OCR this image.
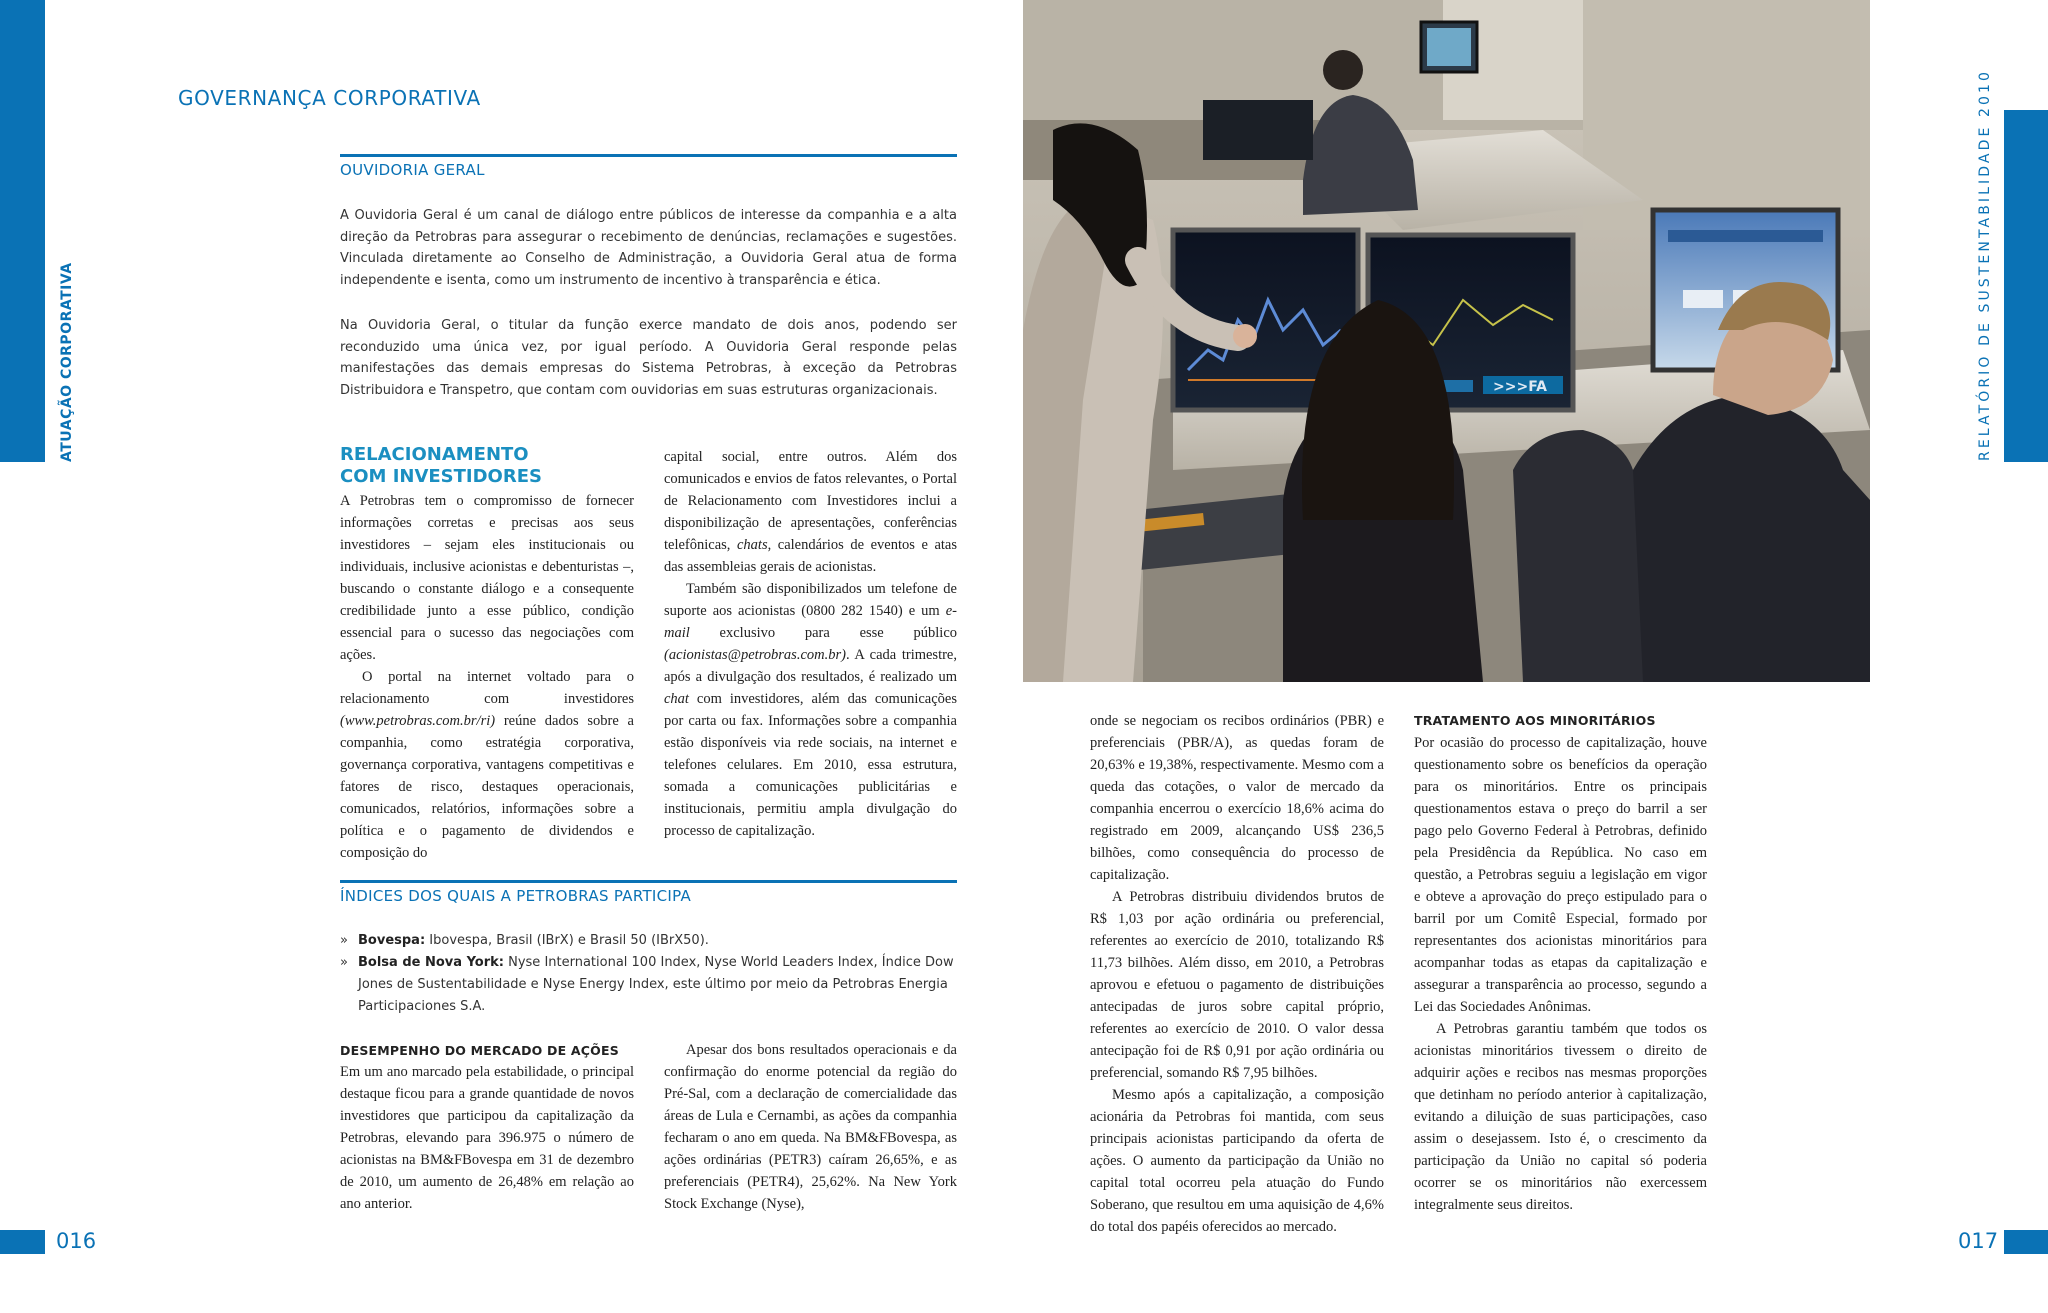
ATUAÇÃO CORPORATIVA	RELATÓRIO DE SUSTENTABILIDADE 2010
016	017
GOVERNANÇA CORPORATIVA
OUVIDORIA GERAL
A Ouvidoria Geral é um canal de diálogo entre públicos de interesse da companhia e a alta direção da Petrobras para assegurar o recebimento de denúncias, reclamações e sugestões. Vinculada diretamente ao Conselho de Administração, a Ouvidoria Geral atua de forma independente e isenta, como um instrumento de incentivo à transparência e ética.
Na Ouvidoria Geral, o titular da função exerce mandato de dois anos, podendo ser reconduzido uma única vez, por igual período. A Ouvidoria Geral responde pelas manifestações das demais empresas do Sistema Petrobras, à exceção da Petrobras Distribuidora e Transpetro, que contam com ouvidorias em suas estruturas organizacionais.
RELACIONAMENTO
COM INVESTIDORES

A Petrobras tem o compromisso de fornecer informações corretas e precisas aos seus investidores – sejam eles institucionais ou individuais, inclusive acionistas e debenturistas –, buscando o constante diálogo e a consequente credibilidade junto a esse público, condição essencial para o sucesso das negociações com ações.

O portal na internet voltado para o relacionamento com investidores (www.petrobras.com.br/ri) reúne dados sobre a companhia, como estratégia corporativa, governança corporativa, vantagens competitivas e fatores de risco, destaques operacionais, comunicados, relatórios, informações sobre a política e o pagamento de dividendos e composição do

capital social, entre outros. Além dos comunicados e envios de fatos relevantes, o Portal de Relacionamento com Investidores inclui a disponibilização de apresentações, conferências telefônicas, chats, calendários de eventos e atas das assembleias gerais de acionistas.

Também são disponibilizados um telefone de suporte aos acionistas (0800 282 1540) e um e-mail exclusivo para esse público (acionistas@petrobras.com.br). A cada trimestre, após a divulgação dos resultados, é realizado um chat com investidores, além das comunicações por carta ou fax. Informações sobre a companhia estão disponíveis via rede sociais, na internet e telefones celulares. Em 2010, essa estrutura, somada a comunicações publicitárias e institucionais, permitiu ampla divulgação do processo de capitalização.

ÍNDICES DOS QUAIS A PETROBRAS PARTICIPA
» Bovespa: Ibovespa, Brasil (IBrX) e Brasil 50 (IBrX50).
» Bolsa de Nova York: Nyse International 100 Index, Nyse World Leaders Index, Índice Dow Jones de Sustentabilidade e Nyse Energy Index, este último por meio da Petrobras Energia Participaciones S.A.
DESEMPENHO DO MERCADO DE AÇÕES
Em um ano marcado pela estabilidade, o principal destaque ficou para a grande quantidade de novos investidores que participou da capitalização da Petrobras, elevando para 396.975 o número de acionistas na BM&FBovespa em 31 de dezembro de 2010, um aumento de 26,48% em relação ao ano anterior.
Apesar dos bons resultados operacionais e da confirmação do enorme potencial da região do Pré-Sal, com a declaração de comercialidade das áreas de Lula e Cernambi, as ações da companhia fecharam o ano em queda. Na BM&FBovespa, as ações ordinárias (PETR3) caíram 26,65%, e as preferenciais (PETR4), 25,62%. Na New York Stock Exchange (Nyse),
>>>FA

onde se negociam os recibos ordinários (PBR) e preferenciais (PBR/A), as quedas foram de 20,63% e 19,38%, respectivamente. Mesmo com a queda das cotações, o valor de mercado da companhia encerrou o exercício 18,6% acima do registrado em 2009, alcançando US$ 236,5 bilhões, como consequência do processo de capitalização.

A Petrobras distribuiu dividendos brutos de R$ 1,03 por ação ordinária ou preferencial, referentes ao exercício de 2010, totalizando R$ 11,73 bilhões. Além disso, em 2010, a Petrobras aprovou e efetuou o pagamento de distribuições antecipadas de juros sobre capital próprio, referentes ao exercício de 2010. O valor dessa antecipação foi de R$ 0,91 por ação ordinária ou preferencial, somando R$ 7,95 bilhões.

Mesmo após a capitalização, a composição acionária da Petrobras foi mantida, com seus principais acionistas participando da oferta de ações. O aumento da participação da União no capital total ocorreu pela atuação do Fundo Soberano, que resultou em uma aquisição de 4,6% do total dos papéis oferecidos ao mercado.

TRATAMENTO AOS MINORITÁRIOS

Por ocasião do processo de capitalização, houve questionamento sobre os benefícios da operação para os minoritários. Entre os principais questionamentos estava o preço do barril a ser pago pelo Governo Federal à Petrobras, definido pela Presidência da República. No caso em questão, a Petrobras seguiu a legislação em vigor e obteve a aprovação do preço estipulado para o barril por um Comitê Especial, formado por representantes dos acionistas minoritários para acompanhar todas as etapas da capitalização e assegurar a transparência ao processo, segundo a Lei das Sociedades Anônimas.

A Petrobras garantiu também que todos os acionistas minoritários tivessem o direito de adquirir ações e recibos nas mesmas proporções que detinham no período anterior à capitalização, evitando a diluição de suas participações, caso assim o desejassem. Isto é, o crescimento da participação da União no capital só poderia ocorrer se os minoritários não exercessem integralmente seus direitos.
